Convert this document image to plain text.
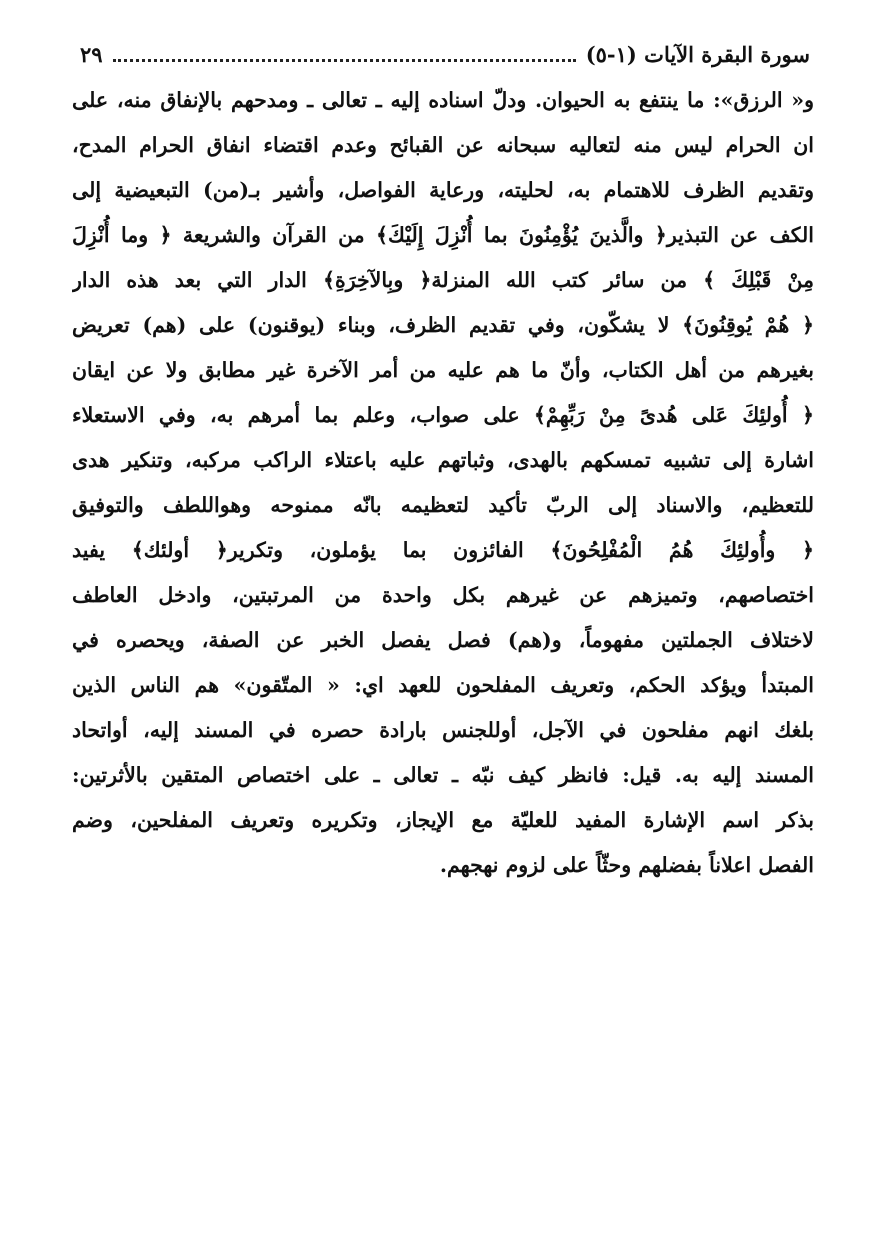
سورة البقرة الآيات (١-٥)
٢٩
و« الرزق»: ما ينتفع به الحيوان. ودلّ اسناده إليه ـ تعالى ـ ومدحهم بالإنفاق منه، على
ان الحرام ليس منه لتعاليه سبحانه عن القبائح وعدم اقتضاء انفاق الحرام المدح،
وتقديم الظرف للاهتمام به، لحليته، ورعاية الفواصل، وأشير بـ(من) التبعيضية إلى
الكف عن التبذير﴿ والَّذينَ يُؤْمِنُونَ بما أُنْزِلَ إِلَيْكَ﴾ من القرآن والشريعة ﴿ وما أُنْزِلَ
مِنْ قَبْلِكَ ﴾ من سائر كتب الله المنزلة﴿ وبِالآخِرَةِ﴾ الدار التي بعد هذه الدار
﴿ هُمْ يُوقِنُونَ﴾ لا يشكّون، وفي تقديم الظرف، وبناء (يوقنون) على (هم) تعريض
بغيرهم من أهل الكتاب، وأنّ ما هم عليه من أمر الآخرة غير مطابق ولا عن ايقان
﴿ أُولئِكَ عَلى هُدىً مِنْ رَبِّهِمْ﴾ على صواب، وعلم بما أمرهم به، وفي الاستعلاء
اشارة إلى تشبيه تمسكهم بالهدى، وثباتهم عليه باعتلاء الراكب مركبه، وتنكير هدى
للتعظيم، والاسناد إلى الربّ تأكيد لتعظيمه بانّه ممنوحه وهواللطف والتوفيق
﴿ وأُولئِكَ هُمُ الْمُفْلِحُونَ﴾ الفائزون بما يؤملون، وتكرير﴿ أولئك﴾ يفيد
اختصاصهم، وتميزهم عن غيرهم بكل واحدة من المرتبتين، وادخل العاطف
لاختلاف الجملتين مفهوماً، و(هم) فصل يفصل الخبر عن الصفة، ويحصره في
المبتدأ ويؤكد الحكم، وتعريف المفلحون للعهد اي: « المتّقون» هم الناس الذين
بلغك انهم مفلحون في الآجل، أوللجنس بارادة حصره في المسند إليه، أواتحاد
المسند إليه به. قيل: فانظر كيف نبّه ـ تعالى ـ على اختصاص المتقين بالأثرتين:
بذكر اسم الإشارة المفيد للعليّة مع الإيجاز، وتكريره وتعريف المفلحين، وضم
الفصل اعلاناً بفضلهم وحثّاً على لزوم نهجهم.
